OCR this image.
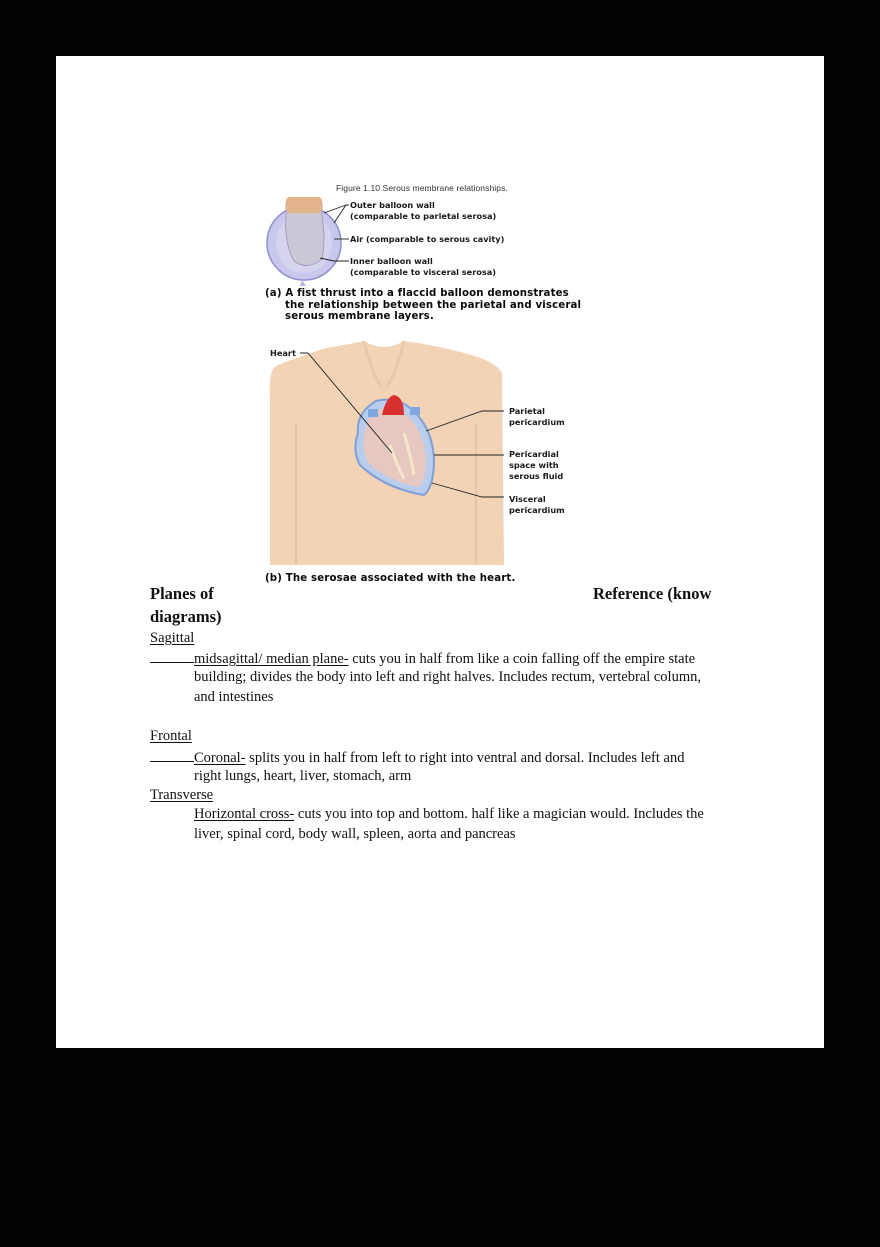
Figure 1.10 Serous membrane relationships.
Outer balloon wall
(comparable to parietal serosa)
Air (comparable to serous cavity)
Inner balloon wall
(comparable to visceral serosa)
(a) A fist thrust into a flaccid balloon demonstrates
the relationship between the parietal and visceral
serous membrane layers.
Heart
Parietal
pericardium
Pericardial
space with
serous fluid
Visceral
pericardium
(b) The serosae associated with the heart.
Planes of	Reference (know
diagrams)
Sagittal
midsagittal/ median plane- cuts you in half from like a coin falling off the empire state
building; divides the body into left and right halves. Includes rectum, vertebral column,
and intestines
Frontal
Coronal- splits you in half from left to right into ventral and dorsal. Includes left and
right lungs, heart, liver, stomach, arm
Transverse
Horizontal cross- cuts you into top and bottom. half like a magician would. Includes the
liver, spinal cord, body wall, spleen, aorta and pancreas
